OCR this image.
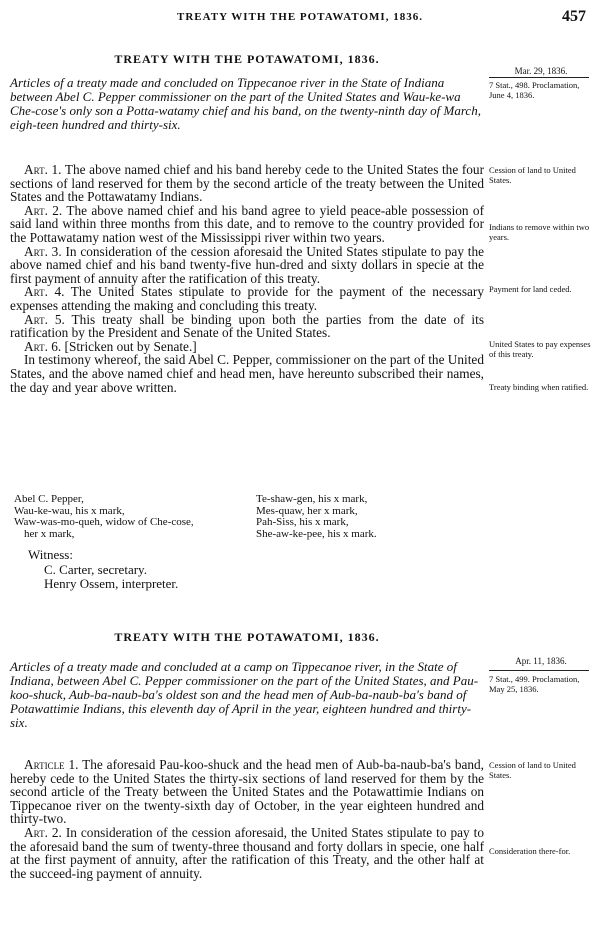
TREATY WITH THE POTAWATOMI, 1836.	457
TREATY WITH THE POTAWATOMI, 1836.

Articles of a treaty made and concluded on Tippecanoe river in the State of Indiana between Abel C. Pepper commissioner on the part of the United States and Wau-ke-wa Che-cose's only son a Potta-watamy chief and his band, on the twenty-ninth day of March, eigh-teen hundred and thirty-six.

Mar. 29, 1836.
7 Stat., 498. Proclamation, June 4, 1836.

Art. 1. The above named chief and his band hereby cede to the United States the four sections of land reserved for them by the second article of the treaty between the United States and the Pottawatamy Indians.

Art. 2. The above named chief and his band agree to yield peace-able possession of said land within three months from this date, and to remove to the country provided for the Pottawatamy nation west of the Mississippi river within two years.

Art. 3. In consideration of the cession aforesaid the United States stipulate to pay the above named chief and his band twenty-five hun-dred and sixty dollars in specie at the first payment of annuity after the ratification of this treaty.

Art. 4. The United States stipulate to provide for the payment of the necessary expenses attending the making and concluding this treaty.

Art. 5. This treaty shall be binding upon both the parties from the date of its ratification by the President and Senate of the United States.

Art. 6. [Stricken out by Senate.]

In testimony whereof, the said Abel C. Pepper, commissioner on the part of the United States, and the above named chief and head men, have hereunto subscribed their names, the day and year above written.

Cession of land to United States.
Indians to remove within two years.
Payment for land ceded.
United States to pay expenses of this treaty.
Treaty binding when ratified.
Abel C. Pepper,
Wau-ke-wau, his x mark,
Waw-was-mo-queh, widow of Che-cose,
her x mark,
Te-shaw-gen, his x mark,
Mes-quaw, her x mark,
Pah-Siss, his x mark,
She-aw-ke-pee, his x mark.
Witness:
C. Carter, secretary.
Henry Ossem, interpreter.
TREATY WITH THE POTAWATOMI, 1836.

Articles of a treaty made and concluded at a camp on Tippecanoe river, in the State of Indiana, between Abel C. Pepper commissioner on the part of the United States, and Pau-koo-shuck, Aub-ba-naub-ba's oldest son and the head men of Aub-ba-naub-ba's band of Potawattimie Indians, this eleventh day of April in the year, eighteen hundred and thirty-six.

Apr. 11, 1836.
7 Stat., 499. Proclamation, May 25, 1836.

Article 1. The aforesaid Pau-koo-shuck and the head men of Aub-ba-naub-ba's band, hereby cede to the United States the thirty-six sections of land reserved for them by the second article of the Treaty between the United States and the Potawattimie Indians on Tippecanoe river on the twenty-sixth day of October, in the year eighteen hundred and thirty-two.

Art. 2. In consideration of the cession aforesaid, the United States stipulate to pay to the aforesaid band the sum of twenty-three thousand and forty dollars in specie, one half at the first payment of annuity, after the ratification of this Treaty, and the other half at the succeed-ing payment of annuity.

Cession of land to United States.
Consideration there-for.
